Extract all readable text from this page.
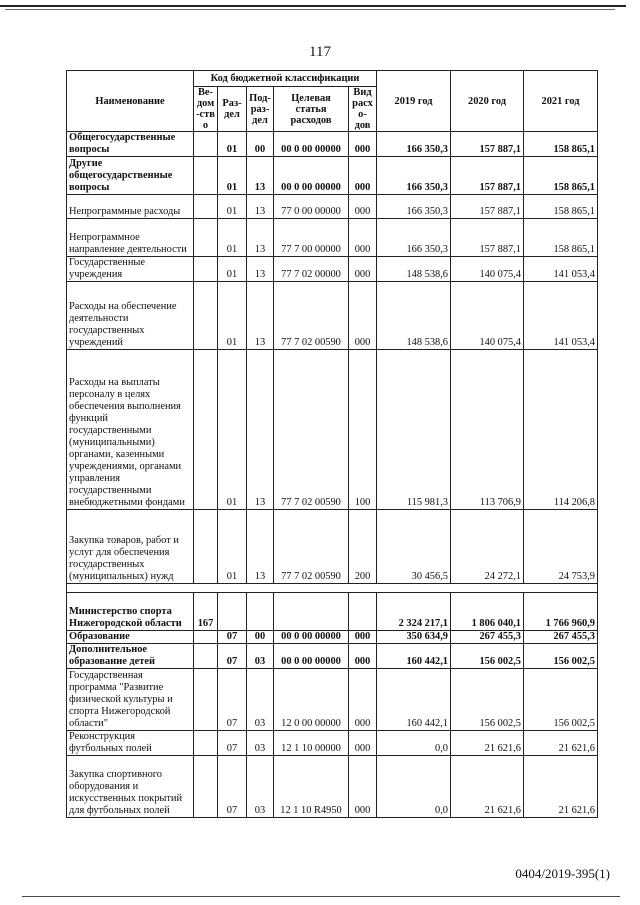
117
Наименование	Код бюджетной классификации					2019 год	2020 год	2021 год
	Ве-дом-ство	Раз-дел	Под-раз-дел	Целевая статья расходов	Вид расхо-дов			
Общегосударственные вопросы		01	00	00 0 00 00000	000	166 350,3	157 887,1	158 865,1
Другие общегосударственные вопросы		01	13	00 0 00 00000	000	166 350,3	157 887,1	158 865,1
Непрограммные расходы		01	13	77 0 00 00000	000	166 350,3	157 887,1	158 865,1
Непрограммное направление деятельности		01	13	77 7 00 00000	000	166 350,3	157 887,1	158 865,1
Государственные учреждения		01	13	77 7 02 00000	000	148 538,6	140 075,4	141 053,4
Расходы на обеспечение деятельности государственных учреждений		01	13	77 7 02 00590	000	148 538,6	140 075,4	141 053,4
Расходы на выплаты персоналу в целях обеспечения выполнения функций государственными (муниципальными) органами, казенными учреждениями, органами управления государственными внебюджетными фондами		01	13	77 7 02 00590	100	115 981,3	113 706,9	114 206,8
Закупка товаров, работ и услуг для обеспечения государственных (муниципальных) нужд		01	13	77 7 02 00590	200	30 456,5	24 272,1	24 753,9

Министерство спорта Нижегородской области	167					2 324 217,1	1 806 040,1	1 766 960,9
Образование		07	00	00 0 00 00000	000	350 634,9	267 455,3	267 455,3
Дополнительное образование детей		07	03	00 0 00 00000	000	160 442,1	156 002,5	156 002,5
Государственная программа "Развитие физической культуры и спорта Нижегородской области"		07	03	12 0 00 00000	000	160 442,1	156 002,5	156 002,5
Реконструкция футбольных полей		07	03	12 1 10 00000	000	0,0	21 621,6	21 621,6
Закупка спортивного оборудования и искусственных покрытий для футбольных полей		07	03	12 1 10 R4950	000	0,0	21 621,6	21 621,6
0404/2019-395(1)
